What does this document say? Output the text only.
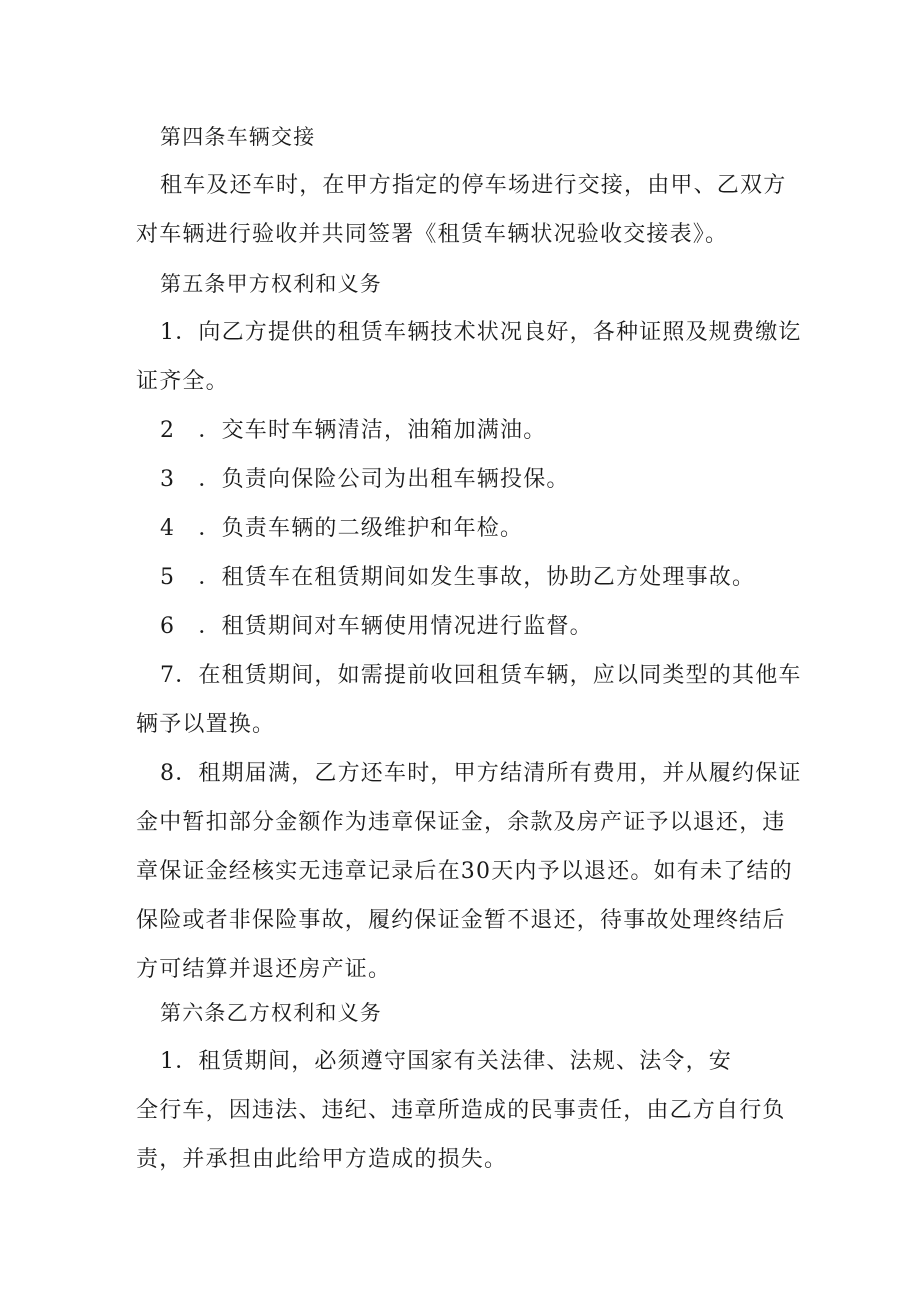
第四条车辆交接
租车及还车时，在甲方指定的停车场进行交接，由甲、乙双方
对车辆进行验收并共同签署《租赁车辆状况验收交接表》。
第五条甲方权利和义务
1．向乙方提供的租赁车辆技术状况良好，各种证照及规费缴讫
证齐全。
2　．交车时车辆清洁，油箱加满油。
3　．负责向保险公司为出租车辆投保。
4　．负责车辆的二级维护和年检。
5　．租赁车在租赁期间如发生事故，协助乙方处理事故。
6　．租赁期间对车辆使用情况进行监督。
7．在租赁期间，如需提前收回租赁车辆，应以同类型的其他车
辆予以置换。
8．租期届满，乙方还车时，甲方结清所有费用，并从履约保证
金中暂扣部分金额作为违章保证金，余款及房产证予以退还，违
章保证金经核实无违章记录后在30天内予以退还。如有未了结的
保险或者非保险事故，履约保证金暂不退还，待事故处理终结后
方可结算并退还房产证。
第六条乙方权利和义务
1．租赁期间，必须遵守国家有关法律、法规、法令，安
全行车，因违法、违纪、违章所造成的民事责任，由乙方自行负
责，并承担由此给甲方造成的损失。
